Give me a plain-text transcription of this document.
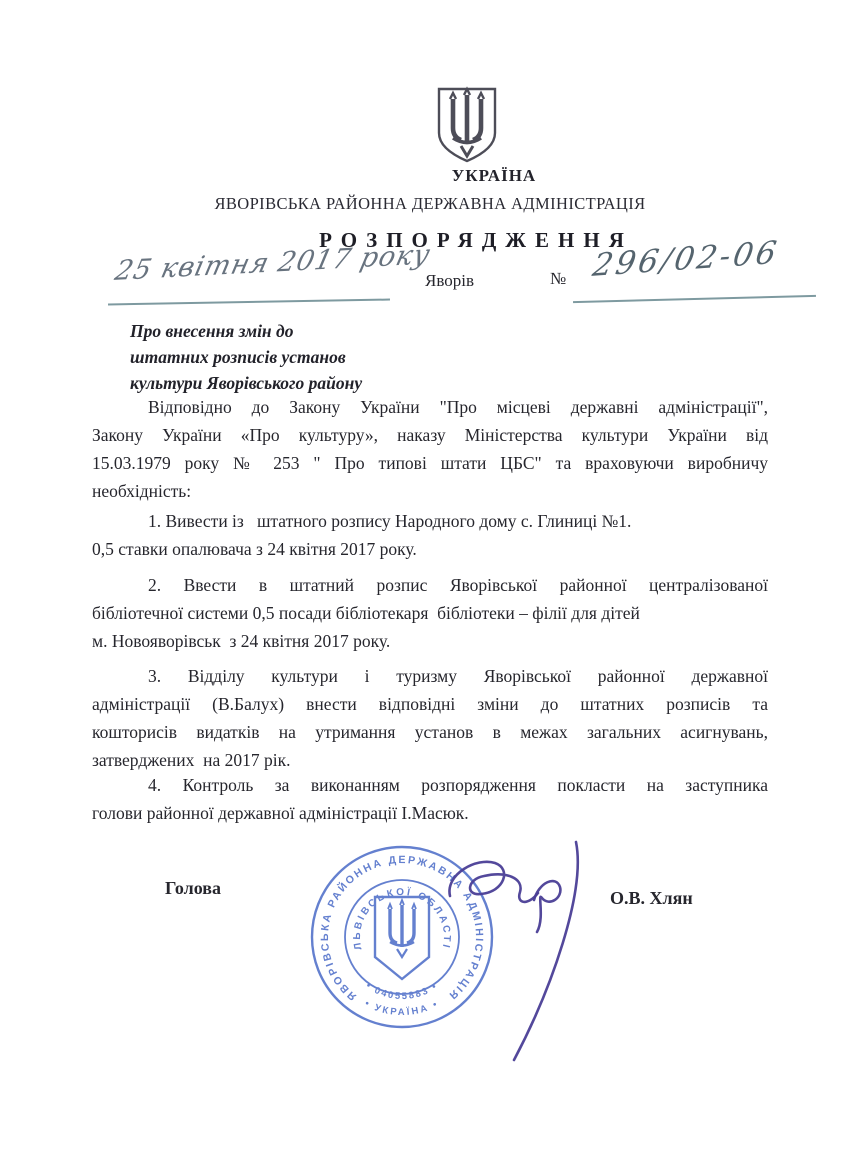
УКРАЇНА
ЯВОРІВСЬКА РАЙОННА ДЕРЖАВНА АДМІНІСТРАЦІЯ
РОЗПОРЯДЖЕННЯ
25 квітня 2017 року
Яворів	№ 296/02-06
Про внесення змін до
штатних розписів установ
культури Яворівського району
Відповідно до Закону України "Про місцеві державні адміністрації",
Закону України «Про культуру», наказу Міністерства культури України від
15.03.1979 року № 253 " Про типові штати ЦБС" та враховуючи виробничу
необхідність:
1. Вивести із   штатного розпису Народного дому с. Глиниці №1.
0,5 ставки опалювача з 24 квітня 2017 року.
2. Ввести в штатний розпис Яворівської районної централізованої
бібліотечної системи 0,5 посади бібліотекаря  бібліотеки – філії для дітей
м. Новояворівськ  з 24 квітня 2017 року.
3. Відділу культури і туризму Яворівської районної державної
адміністрації (В.Балух) внести відповідні зміни до штатних розписів та
кошторисів видатків на утримання установ в межах загальних асигнувань,
затверджених  на 2017 рік.
4. Контроль за виконанням розпорядження покласти на заступника
голови районної державної адміністрації І.Масюк.
Голова	О.В. Хлян
ЯВОРІВСЬКА РАЙОННА ДЕРЖАВНА АДМІНІСТРАЦІЯ
ЛЬВІВСЬКОЇ ОБЛАСТІ
• 04055883 •
• УКРАЇНА •
